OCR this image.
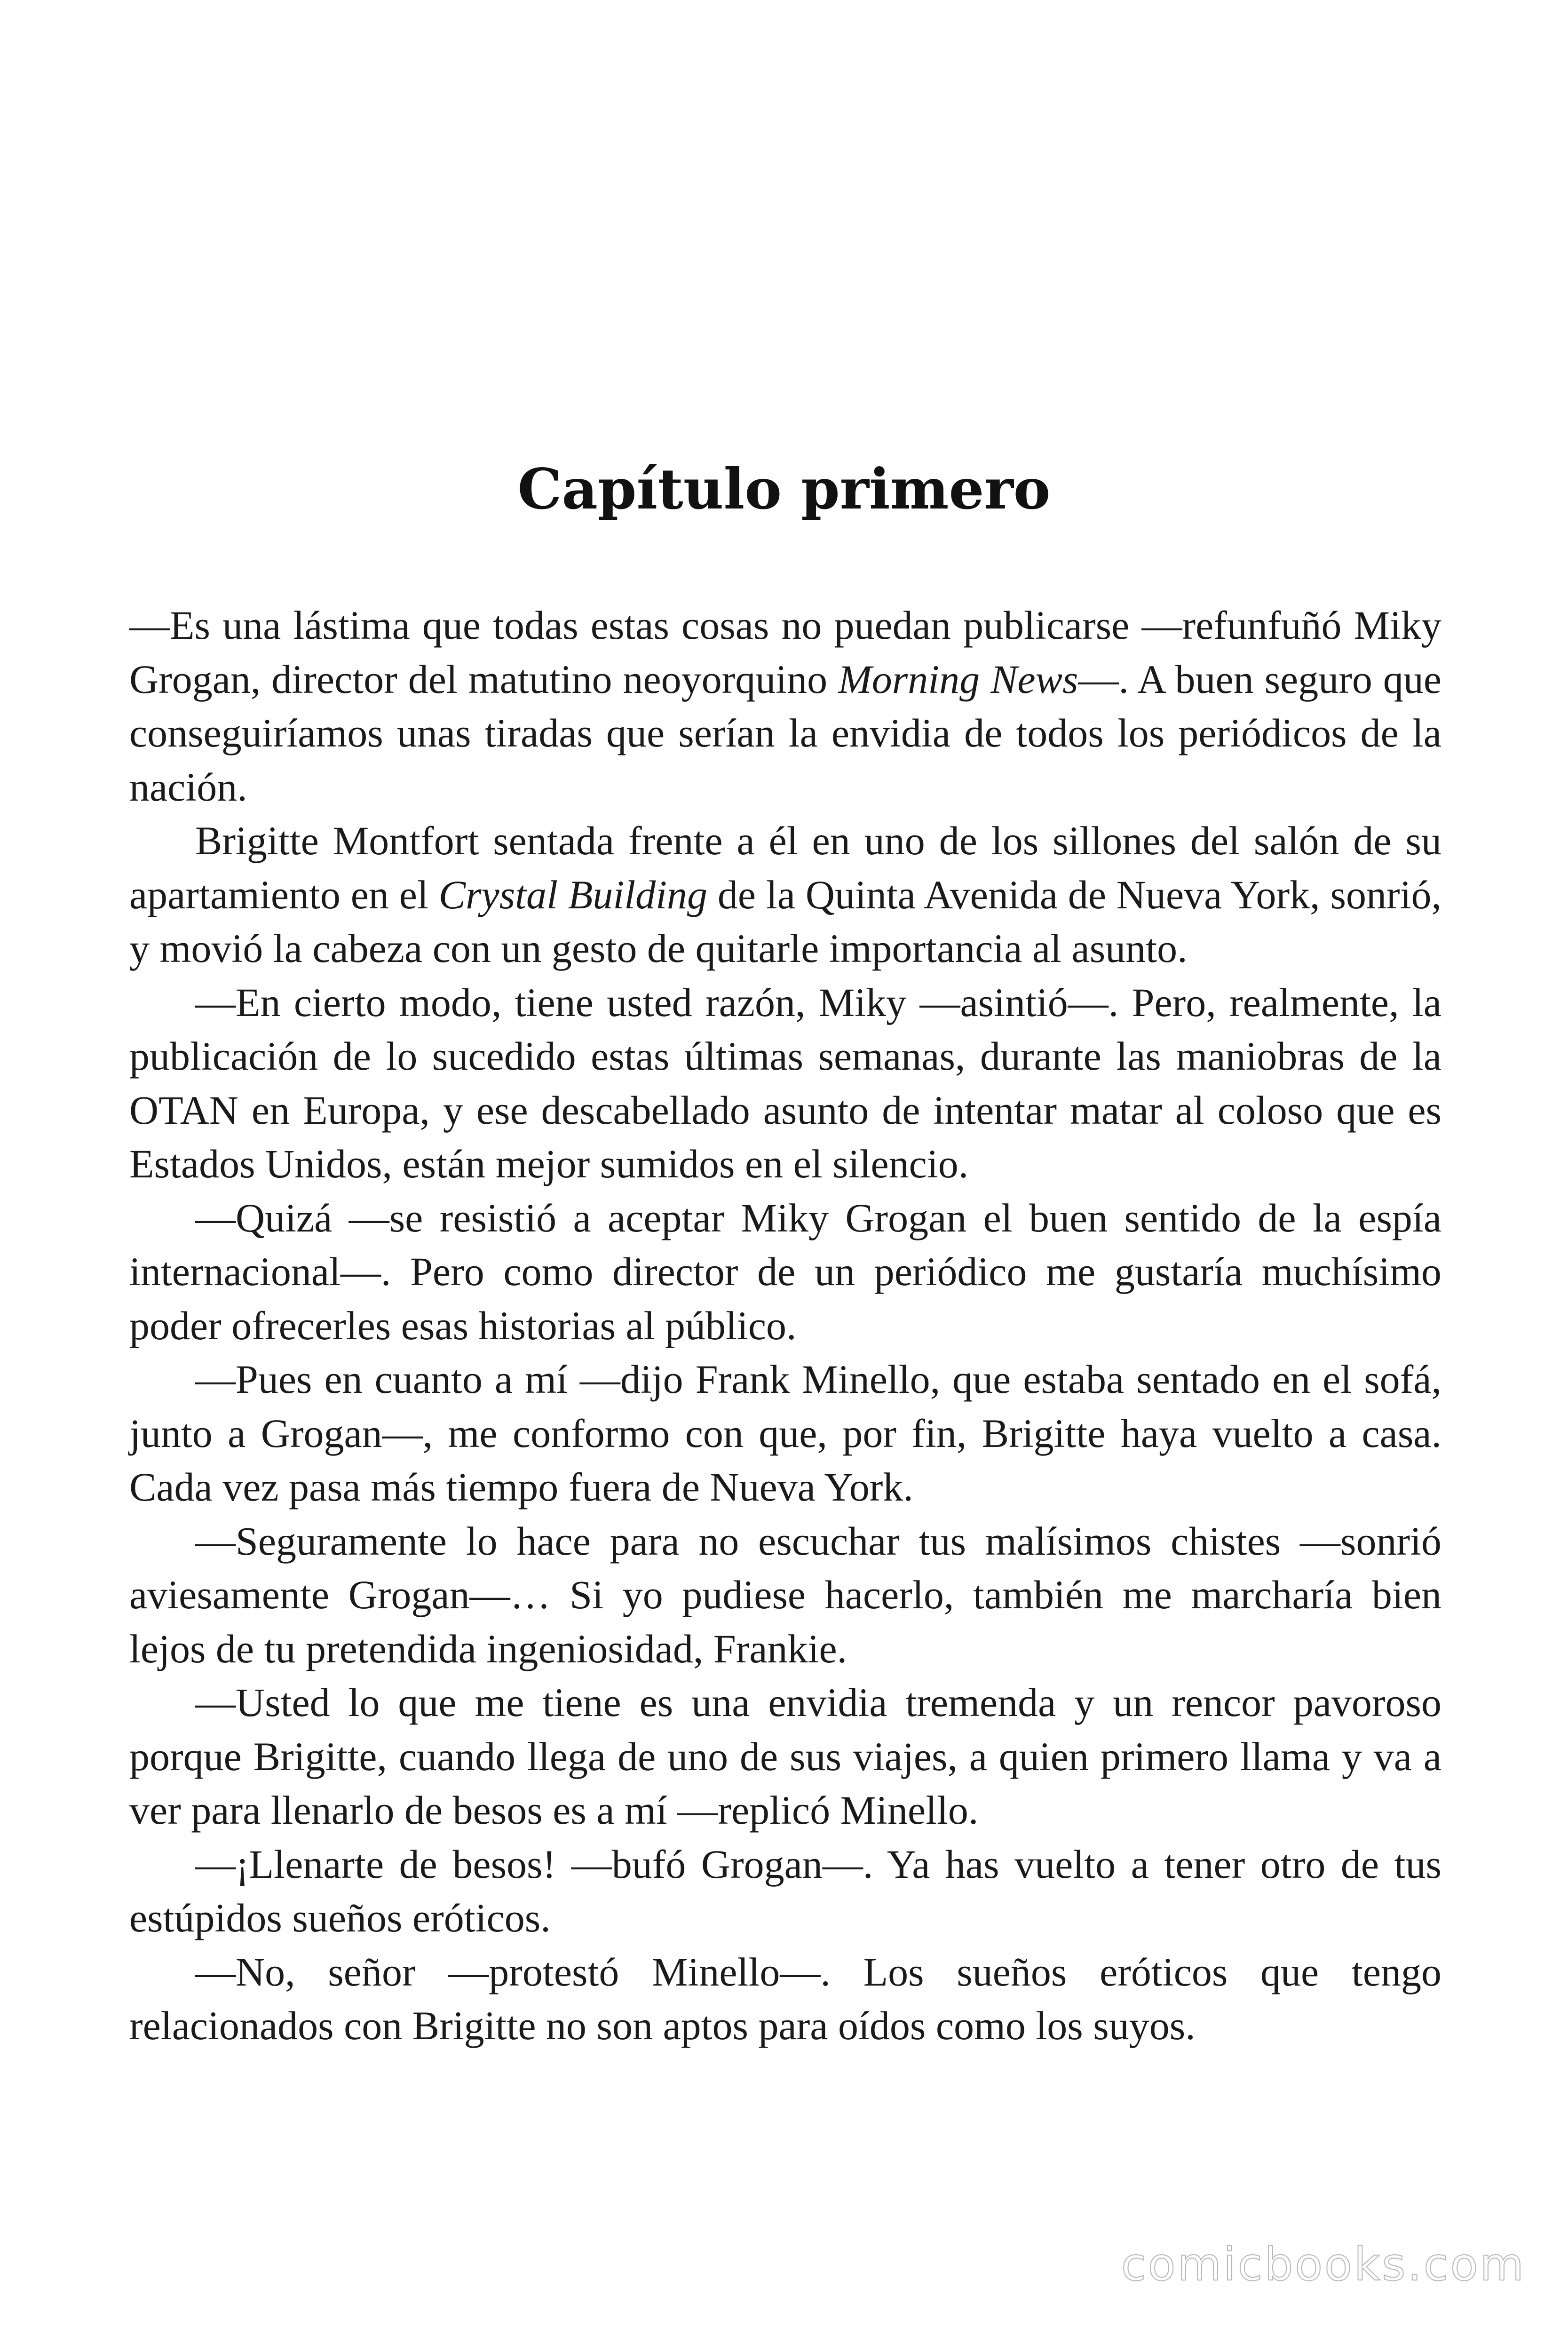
Capítulo primero

—Es una lástima que todas estas cosas no puedan publicarse —refunfuñó Miky Grogan, director del matutino neoyorquino Morning News—. A buen seguro que conseguiríamos unas tiradas que serían la envidia de todos los periódicos de la nación.

Brigitte Montfort sentada frente a él en uno de los sillones del salón de su apartamiento en el Crystal Building de la Quinta Avenida de Nueva York, sonrió, y movió la cabeza con un gesto de quitarle importancia al asunto.

—En cierto modo, tiene usted razón, Miky —asintió—. Pero, realmente, la publicación de lo sucedido estas últimas semanas, durante las maniobras de la OTAN en Europa, y ese descabellado asunto de intentar matar al coloso que es Estados Unidos, están mejor sumidos en el silencio.

—Quizá —se resistió a aceptar Miky Grogan el buen sentido de la espía internacional—. Pero como director de un periódico me gustaría muchísimo poder ofrecerles esas historias al público.

—Pues en cuanto a mí —dijo Frank Minello, que estaba sentado en el sofá, junto a Grogan—, me conformo con que, por fin, Brigitte haya vuelto a casa. Cada vez pasa más tiempo fuera de Nueva York.

—Seguramente lo hace para no escuchar tus malísimos chistes —sonrió aviesamente Grogan—… Si yo pudiese hacerlo, también me marcharía bien lejos de tu pretendida ingeniosidad, Frankie.

—Usted lo que me tiene es una envidia tremenda y un rencor pavoroso porque Brigitte, cuando llega de uno de sus viajes, a quien primero llama y va a ver para llenarlo de besos es a mí —replicó Minello.

—¡Llenarte de besos! —bufó Grogan—. Ya has vuelto a tener otro de tus estúpidos sueños eróticos.

—No, señor —protestó Minello—. Los sueños eróticos que tengo relacionados con Brigitte no son aptos para oídos como los suyos.

comicbooks.com
